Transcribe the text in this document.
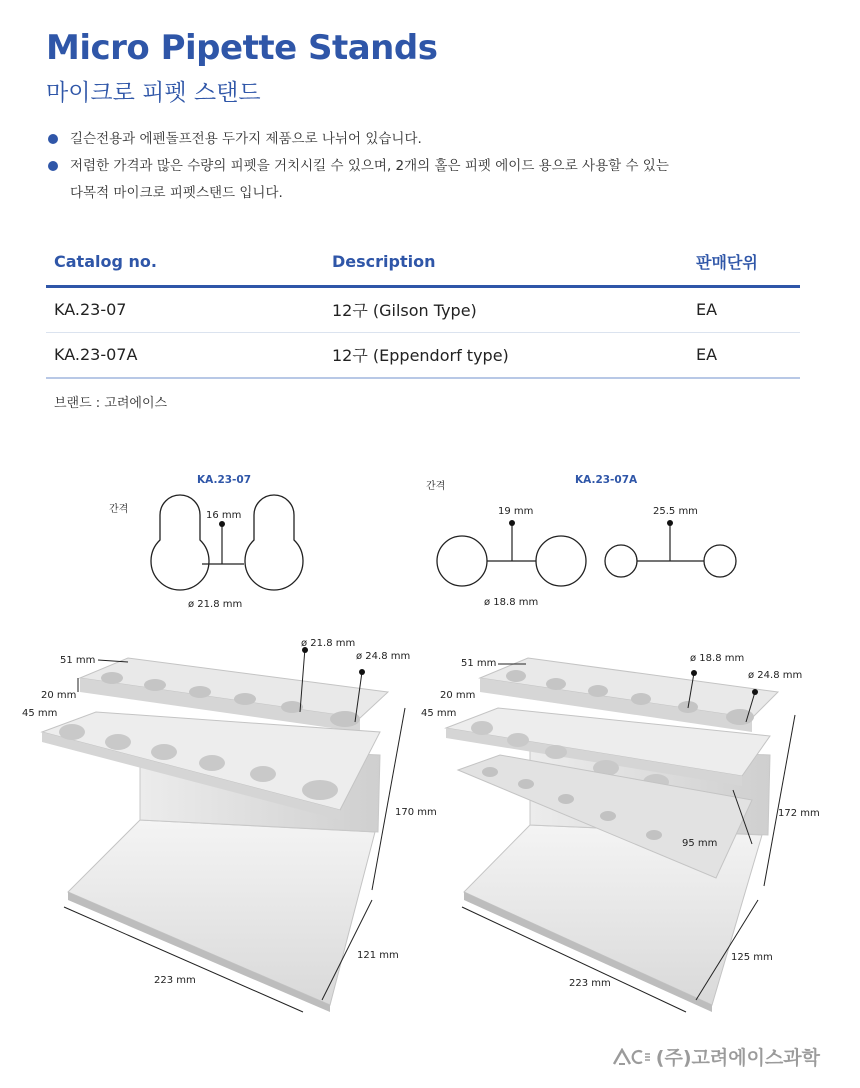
Micro Pipette Stands
마이크로 피펫 스탠드
길슨전용과 에펜돌프전용 두가지 제품으로 나뉘어 있습니다.
저렴한 가격과 많은 수량의 피펫을 거치시킬 수 있으며, 2개의 홀은 피펫 에이드 용으로 사용할 수 있는
다목적 마이크로 피펫스탠드 입니다.
Catalog no.	Description	판매단위
KA.23-07	12구 (Gilson Type)	EA
KA.23-07A	12구 (Eppendorf type)	EA
브랜드 : 고려에이스
KA.23-07
간격
16 mm
ø 21.8 mm
KA.23-07A
간격
19 mm	25.5 mm
ø 18.8 mm
ø 21.8 mm
ø 24.8 mm
51 mm
20 mm
45 mm
170 mm
121 mm
223 mm
ø 18.8 mm
ø 24.8 mm
51 mm
20 mm
45 mm
172 mm
95 mm
125 mm
223 mm
(주)고려에이스과학
